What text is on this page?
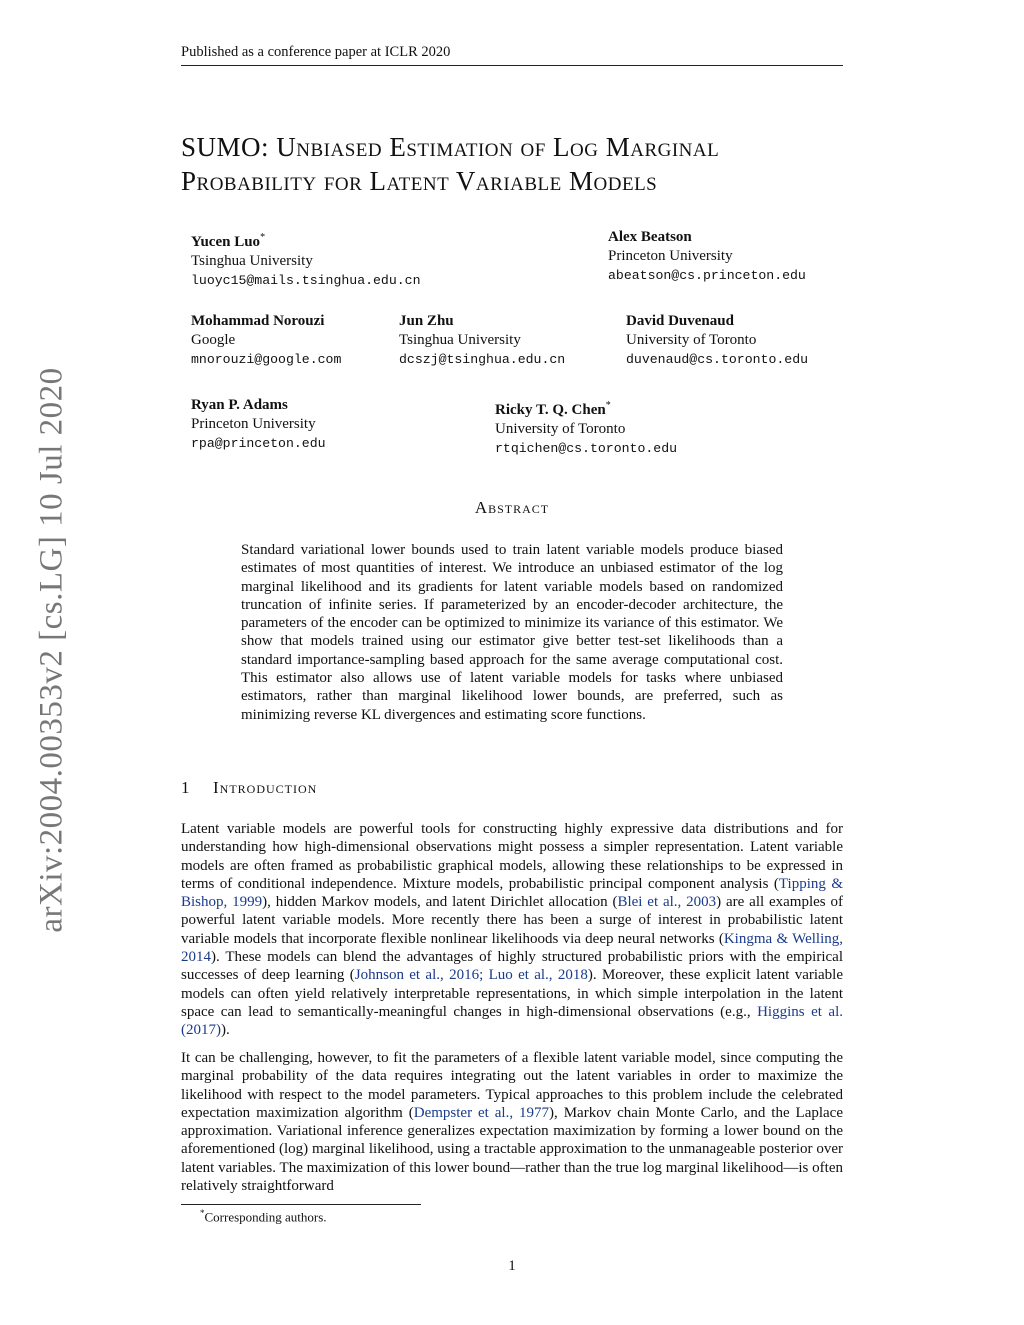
Published as a conference paper at ICLR 2020
SUMO: Unbiased Estimation of Log Marginal
Probability for Latent Variable Models
Yucen Luo*
Tsinghua University
luoyc15@mails.tsinghua.edu.cn
Alex Beatson
Princeton University
abeatson@cs.princeton.edu
Mohammad Norouzi
Google
mnorouzi@google.com
Jun Zhu
Tsinghua University
dcszj@tsinghua.edu.cn
David Duvenaud
University of Toronto
duvenaud@cs.toronto.edu
Ryan P. Adams
Princeton University
rpa@princeton.edu
Ricky T. Q. Chen*
University of Toronto
rtqichen@cs.toronto.edu
arXiv:2004.00353v2 [cs.LG] 10 Jul 2020	Abstract
Standard variational lower bounds used to train latent variable models produce biased estimates of most quantities of interest. We introduce an unbiased estimator of the log marginal likelihood and its gradients for latent variable models based on randomized truncation of infinite series. If parameterized by an encoder-decoder architecture, the parameters of the encoder can be optimized to minimize its variance of this estimator. We show that models trained using our estimator give better test-set likelihoods than a standard importance-sampling based approach for the same average computational cost. This estimator also allows use of latent variable models for tasks where unbiased estimators, rather than marginal likelihood lower bounds, are preferred, such as minimizing reverse KL divergences and estimating score functions.
1 Introduction
Latent variable models are powerful tools for constructing highly expressive data distributions and for understanding how high-dimensional observations might possess a simpler representation. Latent variable models are often framed as probabilistic graphical models, allowing these relationships to be expressed in terms of conditional independence. Mixture models, probabilistic principal component analysis (Tipping & Bishop, 1999), hidden Markov models, and latent Dirichlet allocation (Blei et al., 2003) are all examples of powerful latent variable models. More recently there has been a surge of interest in probabilistic latent variable models that incorporate flexible nonlinear likelihoods via deep neural networks (Kingma & Welling, 2014). These models can blend the advantages of highly structured probabilistic priors with the empirical successes of deep learning (Johnson et al., 2016; Luo et al., 2018). Moreover, these explicit latent variable models can often yield relatively interpretable representations, in which simple interpolation in the latent space can lead to semantically-meaningful changes in high-dimensional observations (e.g., Higgins et al. (2017)).
It can be challenging, however, to fit the parameters of a flexible latent variable model, since computing the marginal probability of the data requires integrating out the latent variables in order to maximize the likelihood with respect to the model parameters. Typical approaches to this problem include the celebrated expectation maximization algorithm (Dempster et al., 1977), Markov chain Monte Carlo, and the Laplace approximation. Variational inference generalizes expectation maximization by forming a lower bound on the aforementioned (log) marginal likelihood, using a tractable approximation to the unmanageable posterior over latent variables. The maximization of this lower bound—rather than the true log marginal likelihood—is often relatively straightforward
*Corresponding authors.
1
